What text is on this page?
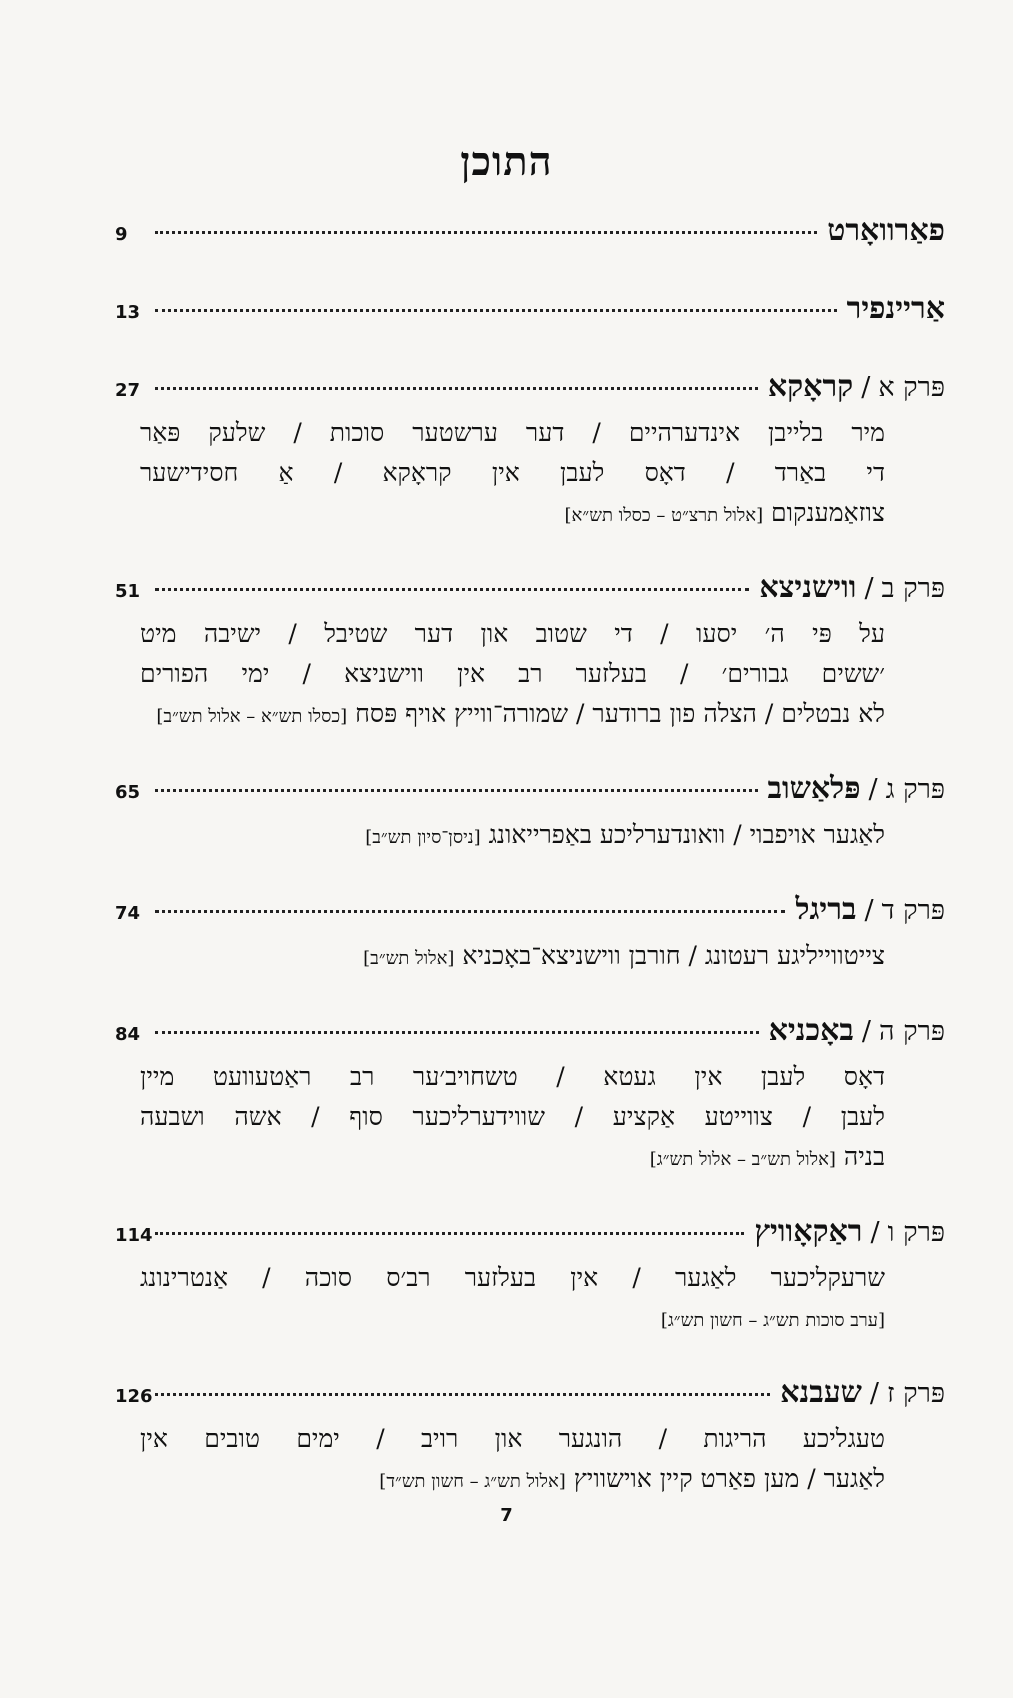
התוכן
פאַרוואָרט
9
אַריינפיר
13
פּרק א/קראָקא
27
מיר בלייבן אינדערהיים / דער ערשטער סוכות / שלעק פּאַר
די באַרד / דאָס לעבן אין קראָקא / אַ חסידישער
צוזאַמענקום [אלול תרצ״ט – כסלו תש״א]
פּרק ב/ווישניצא
51
על פּי ה׳ יסעו / די שטוב און דער שטיבל / ישיבה מיט
׳ששים גבורים׳ / בעלזער רב אין ווישניצא / ימי הפורים
לא נבטלים / הצלה פון ברודער / שמורה־ווייץ אויף פּסח [כסלו תש״א – אלול תש״ב]
פּרק ג/פּלאַשוב
65
לאַגער אויפבוי / וואונדערליכע באַפרייאונג [ניסן־סיון תש״ב]
פּרק ד/בריגל
74
צייטווייליגע רעטונג / חורבן ווישניצא־באָכניא [אלול תש״ב]
פּרק ה/באָכניא
84
דאָס לעבן אין געטא / טשחויב׳ער רב ראַטעוועט מיין
לעבן / צווייטע אַקציע / שווידערליכער סוף / אשה ושבעה
בניה [אלול תש״ב – אלול תש״ג]
פּרק ו/ראַקאָוויץ
114
שרעקליכער לאַגער / אין בעלזער רב׳ס סוכה / אַנטרינונג [ערב סוכות תש״ג – חשון תש״ג]
פּרק ז/שעבנא
126
טעגליכע הריגות / הונגער און רויב / ימים טובים אין
לאַגער / מען פאַרט קיין אוישוויץ [אלול תש״ג – חשון תש״ד]
7
